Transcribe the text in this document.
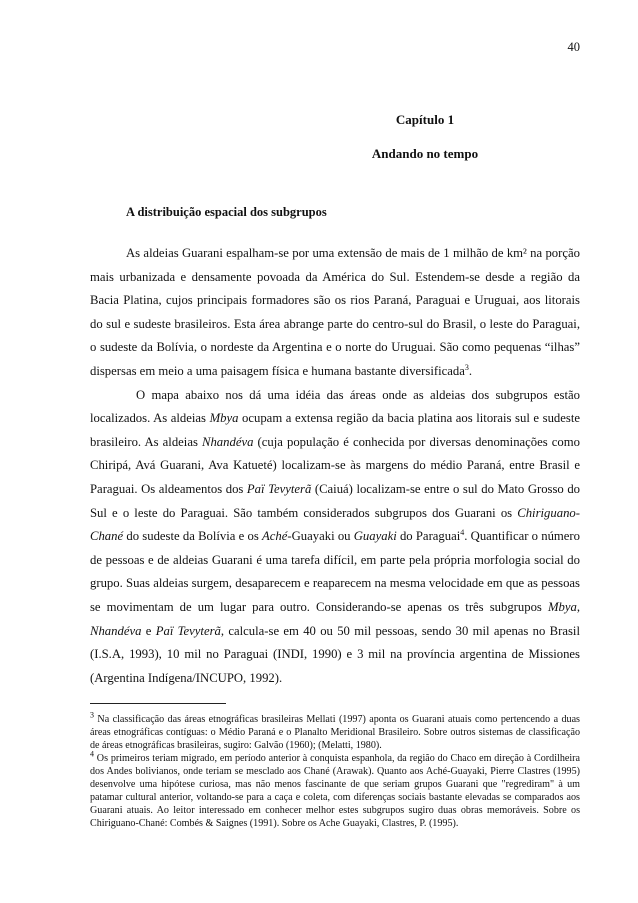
40
Capítulo 1
Andando no tempo
A distribuição espacial dos subgrupos

As aldeias Guarani espalham-se por uma extensão de mais de 1 milhão de km² na porção mais urbanizada e densamente povoada da América do Sul. Estendem-se desde a região da Bacia Platina, cujos principais formadores são os rios Paraná, Paraguai e Uruguai, aos litorais do sul e sudeste brasileiros. Esta área abrange parte do centro-sul do Brasil, o leste do Paraguai, o sudeste da Bolívia, o nordeste da Argentina e o norte do Uruguai. São como pequenas “ilhas” dispersas em meio a uma paisagem física e humana bastante diversificada$^3$.

O mapa abaixo nos dá uma idéia das áreas onde as aldeias dos subgrupos estão localizados. As aldeias Mbya ocupam a extensa região da bacia platina aos litorais sul e sudeste brasileiro. As aldeias Nhandéva (cuja população é conhecida por diversas denominações como Chiripá, Avá Guarani, Ava Katueté) localizam-se às margens do médio Paraná, entre Brasil e Paraguai. Os aldeamentos dos Paï Tevyterã (Caiuá) localizam-se entre o sul do Mato Grosso do Sul e o leste do Paraguai. São também considerados subgrupos dos Guarani os Chiriguano-Chané do sudeste da Bolívia e os Aché-Guayaki ou Guayaki do Paraguai$^4$. Quantificar o número de pessoas e de aldeias Guarani é uma tarefa difícil, em parte pela própria morfologia social do grupo. Suas aldeias surgem, desaparecem e reaparecem na mesma velocidade em que as pessoas se movimentam de um lugar para outro. Considerando-se apenas os três subgrupos Mbya, Nhandéva e Paï Tevyterã, calcula-se em 40 ou 50 mil pessoas, sendo 30 mil apenas no Brasil (I.S.A, 1993), 10 mil no Paraguai (INDI, 1990) e 3 mil na província argentina de Missiones (Argentina Indígena/INCUPO, 1992).

$^3$ Na classificação das áreas etnográficas brasileiras Mellati (1997) aponta os Guarani atuais como pertencendo a duas áreas etnográficas contíguas: o Médio Paraná e o Planalto Meridional Brasileiro. Sobre outros sistemas de classificação de áreas etnográficas brasileiras, sugiro: Galvão (1960); (Melatti, 1980).

$^4$ Os primeiros teriam migrado, em período anterior à conquista espanhola, da região do Chaco em direção à Cordilheira dos Andes bolivianos, onde teriam se mesclado aos Chané (Arawak). Quanto aos Aché-Guayaki, Pierre Clastres (1995) desenvolve uma hipótese curiosa, mas não menos fascinante de que seriam grupos Guarani que "regrediram" à um patamar cultural anterior, voltando-se para a caça e coleta, com diferenças sociais bastante elevadas se comparados aos Guarani atuais. Ao leitor interessado em conhecer melhor estes subgrupos sugiro duas obras memoráveis. Sobre os Chiriguano-Chané: Combés & Saignes (1991). Sobre os Ache Guayaki, Clastres, P. (1995).
